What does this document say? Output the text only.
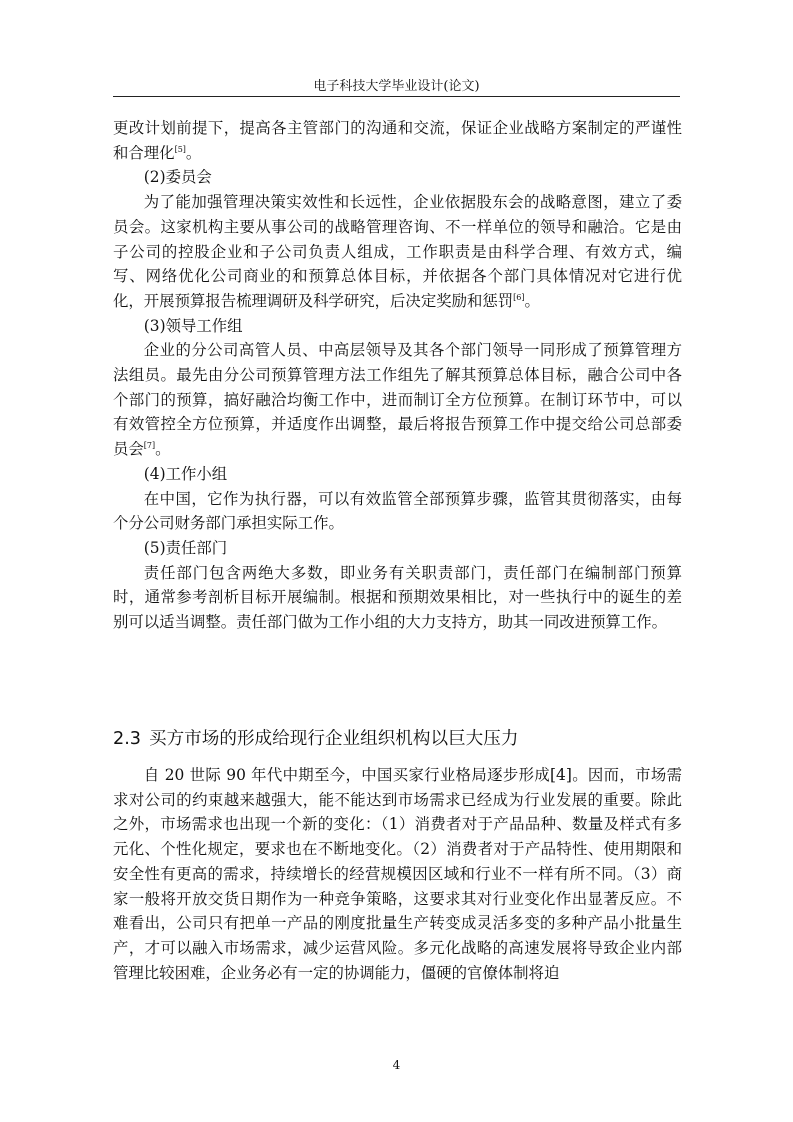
电子科技大学毕业设计(论文)

更改计划前提下，提高各主管部门的沟通和交流，保证企业战略方案制定的严谨性和合理化[5]。

(2)委员会

为了能加强管理决策实效性和长远性，企业依据股东会的战略意图，建立了委员会。这家机构主要从事公司的战略管理咨询、不一样单位的领导和融洽。它是由子公司的控股企业和子公司负责人组成，工作职责是由科学合理、有效方式，编写、网络优化公司商业的和预算总体目标，并依据各个部门具体情况对它进行优化，开展预算报告梳理调研及科学研究，后决定奖励和惩罚[6]。

(3)领导工作组

企业的分公司高管人员、中高层领导及其各个部门领导一同形成了预算管理方法组员。最先由分公司预算管理方法工作组先了解其预算总体目标，融合公司中各个部门的预算，搞好融洽均衡工作中，进而制订全方位预算。在制订环节中，可以有效管控全方位预算，并适度作出调整，最后将报告预算工作中提交给公司总部委员会[7]。

(4)工作小组

在中国，它作为执行器，可以有效监管全部预算步骤，监管其贯彻落实，由每个分公司财务部门承担实际工作。

(5)责任部门

责任部门包含两绝大多数，即业务有关职责部门，责任部门在编制部门预算时，通常参考剖析目标开展编制。根据和预期效果相比，对一些执行中的诞生的差别可以适当调整。责任部门做为工作小组的大力支持方，助其一同改进预算工作。

2.3 买方市场的形成给现行企业组织机构以巨大压力

自 20 世际 90 年代中期至今，中国买家行业格局逐步形成[4]。因而，市场需求对公司的约束越来越强大，能不能达到市场需求已经成为行业发展的重要。除此之外，市场需求也出现一个新的变化：（1）消费者对于产品品种、数量及样式有多元化、个性化规定，要求也在不断地变化。（2）消费者对于产品特性、使用期限和安全性有更高的需求，持续增长的经营规模因区域和行业不一样有所不同。（3）商家一般将开放交货日期作为一种竞争策略，这要求其对行业变化作出显著反应。不难看出，公司只有把单一产品的刚度批量生产转变成灵活多变的多种产品小批量生产，才可以融入市场需求，减少运营风险。多元化战略的高速发展将导致企业内部管理比较困难，企业务必有一定的协调能力，僵硬的官僚体制将迫

4
